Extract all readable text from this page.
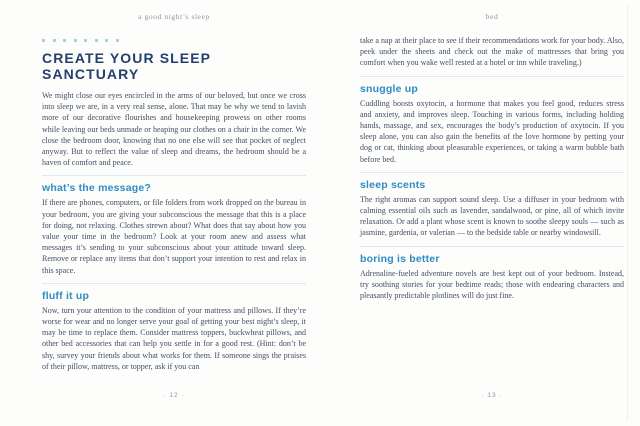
a good night’s sleep
CREATE YOUR SLEEP SANCTUARY

We might close our eyes encircled in the arms of our beloved, but once we cross into sleep we are, in a very real sense, alone. That may be why we tend to lavish more of our decorative flourishes and housekeeping prowess on other rooms while leaving our beds unmade or heaping our clothes on a chair in the corner. We close the bedroom door, knowing that no one else will see that pocket of neglect anyway. But to reflect the value of sleep and dreams, the bedroom should be a haven of comfort and peace.

what’s the message?

If there are phones, computers, or file folders from work dropped on the bureau in your bedroom, you are giving your subconscious the message that this is a place for doing, not relaxing. Clothes strewn about? What does that say about how you value your time in the bedroom? Look at your room anew and assess what messages it’s sending to your subconscious about your attitude toward sleep. Remove or replace any items that don’t support your intention to rest and relax in this space.

fluff it up

Now, turn your attention to the condition of your mattress and pillows. If they’re worse for wear and no longer serve your goal of getting your best night’s sleep, it may be time to replace them. Consider mattress toppers, buckwheat pillows, and other bed accessories that can help you settle in for a good rest. (Hint: don’t be shy, survey your friends about what works for them. If someone sings the praises of their pillow, mattress, or topper, ask if you can

· 12 ·
bed

take a nap at their place to see if their recommendations work for your body. Also, peek under the sheets and check out the make of mattresses that bring you comfort when you wake well rested at a hotel or inn while traveling.)

snuggle up

Cuddling boosts oxytocin, a hormone that makes you feel good, reduces stress and anxiety, and improves sleep. Touching in various forms, including holding hands, massage, and sex, encourages the body’s production of oxytocin. If you sleep alone, you can also gain the benefits of the love hormone by petting your dog or cat, thinking about pleasurable experiences, or taking a warm bubble bath before bed.

sleep scents

The right aromas can support sound sleep. Use a diffuser in your bedroom with calming essential oils such as lavender, sandalwood, or pine, all of which invite relaxation. Or add a plant whose scent is known to soothe sleepy souls — such as jasmine, gardenia, or valerian — to the bedside table or nearby windowsill.

boring is better

Adrenaline-fueled adventure novels are best kept out of your bedroom. Instead, try soothing stories for your bedtime reads; those with endearing characters and pleasantly predictable plotlines will do just fine.

· 13 ·
